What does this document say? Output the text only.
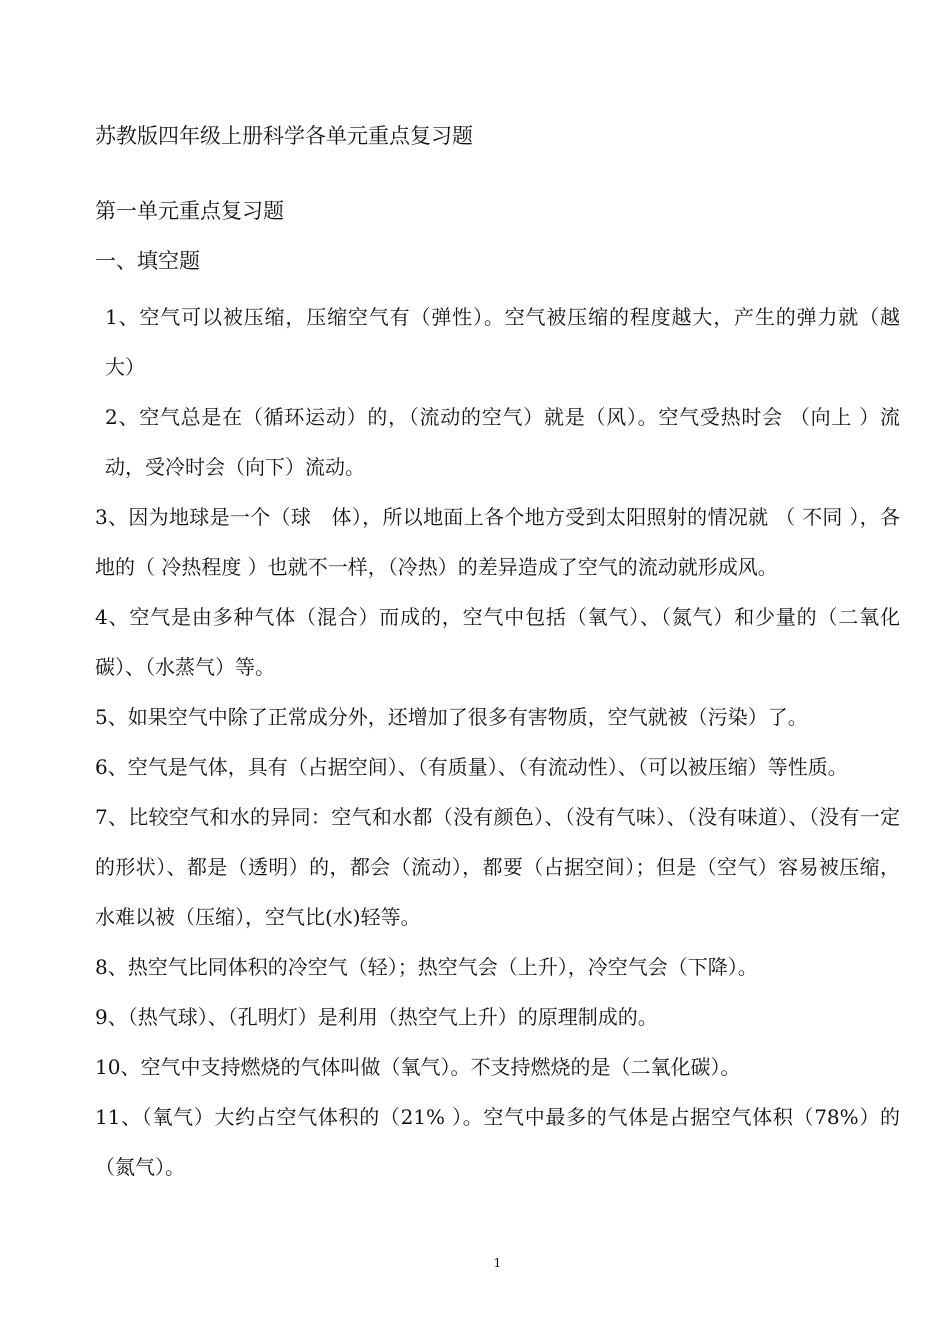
苏教版四年级上册科学各单元重点复习题
第一单元重点复习题
一、填空题

1、空气可以被压缩，压缩空气有（弹性）。空气被压缩的程度越大，产生的弹力就（越　大）

2、空气总是在（循环运动）的，（流动的空气）就是（风）。空气受热时会 （向上 ）流动，受冷时会（向下）流动。

3、因为地球是一个（球　体），所以地面上各个地方受到太阳照射的情况就 （ 不同 ），各地的（ 冷热程度 ）也就不一样，（冷热）的差异造成了空气的流动就形成风。

4、空气是由多种气体（混合）而成的，空气中包括（氧气）、（氮气）和少量的（二氧化碳）、（水蒸气）等。

5、如果空气中除了正常成分外，还增加了很多有害物质，空气就被（污染）了。

6、空气是气体，具有（占据空间）、（有质量）、（有流动性）、（可以被压缩）等性质。

7、比较空气和水的异同：空气和水都（没有颜色）、（没有气味）、（没有味道）、（没有一定的形状）、都是（透明）的，都会（流动），都要（占据空间）；但是（空气）容易被压缩，水难以被（压缩），空气比(水)轻等。

8、热空气比同体积的冷空气（轻）；热空气会（上升），冷空气会（下降）。

9、（热气球）、（孔明灯）是利用（热空气上升）的原理制成的。

10、空气中支持燃烧的气体叫做（氧气）。不支持燃烧的是（二氧化碳）。

11、（氧气）大约占空气体积的（21% ）。空气中最多的气体是占据空气体积（78%）的（氮气）。

1
